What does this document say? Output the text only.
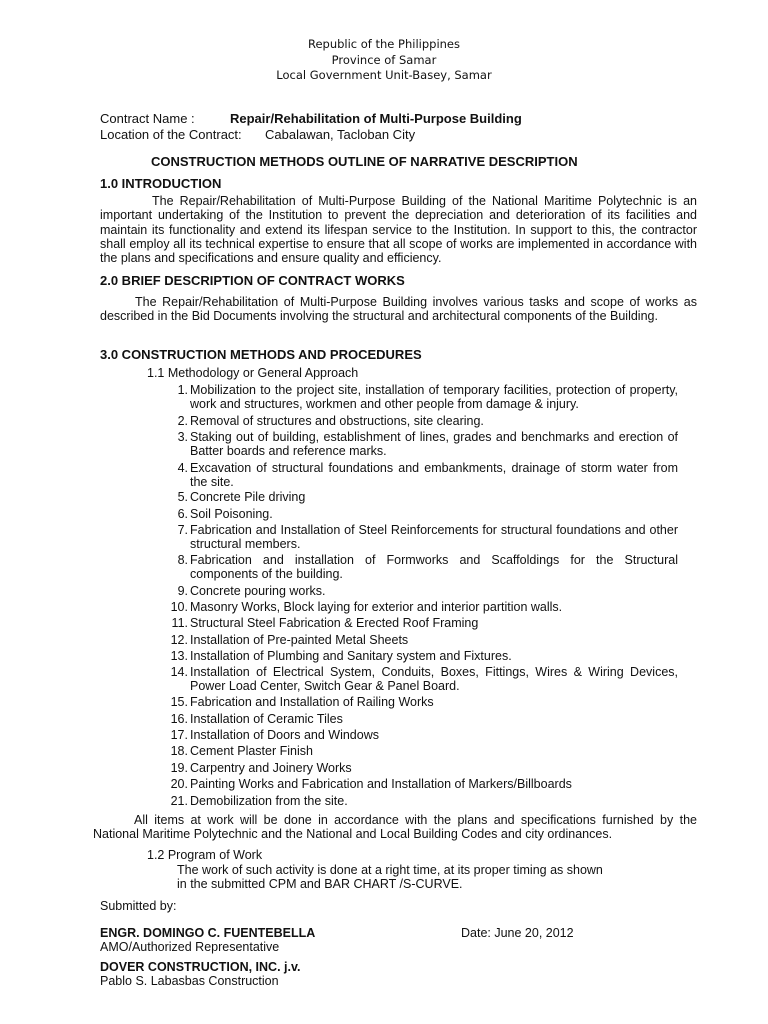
Republic of the Philippines
Province of Samar
Local Government Unit-Basey, Samar
Contract Name :	Repair/Rehabilitation of Multi-Purpose Building
Location of the Contract: Cabalawan, Tacloban City
CONSTRUCTION METHODS OUTLINE OF NARRATIVE DESCRIPTION
1.0 INTRODUCTION
The Repair/Rehabilitation of Multi-Purpose Building of the National Maritime Polytechnic is an important undertaking of the Institution to prevent the depreciation and deterioration of its facilities and maintain its functionality and extend its lifespan service to the Institution. In support to this, the contractor shall employ all its technical expertise to ensure that all scope of works are implemented in accordance with the plans and specifications and ensure quality and efficiency.
2.0 BRIEF DESCRIPTION OF CONTRACT WORKS
The Repair/Rehabilitation of Multi-Purpose Building involves various tasks and scope of works as described in the Bid Documents involving the structural and architectural components of the Building.
3.0 CONSTRUCTION METHODS AND PROCEDURES
1.1 Methodology or General Approach
1. Mobilization to the project site, installation of temporary facilities, protection of property, work and structures, workmen and other people from damage & injury.
2. Removal of structures and obstructions, site clearing.
3. Staking out of building, establishment of lines, grades and benchmarks and erection of Batter boards and reference marks.
4. Excavation of structural foundations and embankments, drainage of storm water from the site.
5. Concrete Pile driving
6. Soil Poisoning.
7. Fabrication and Installation of Steel Reinforcements for structural foundations and other structural members.
8. Fabrication and installation of Formworks and Scaffoldings for the Structural components of the building.
9. Concrete pouring works.
10. Masonry Works, Block laying for exterior and interior partition walls.
11. Structural Steel Fabrication & Erected Roof Framing
12. Installation of Pre-painted Metal Sheets
13. Installation of Plumbing and Sanitary system and Fixtures.
14. Installation of Electrical System, Conduits, Boxes, Fittings, Wires & Wiring Devices, Power Load Center, Switch Gear & Panel Board.
15. Fabrication and Installation of Railing Works
16. Installation of Ceramic Tiles
17. Installation of Doors and Windows
18. Cement Plaster Finish
19. Carpentry and Joinery Works
20. Painting Works and Fabrication and Installation of Markers/Billboards
21. Demobilization from the site.
All items at work will be done in accordance with the plans and specifications furnished by the National Maritime Polytechnic and the National and Local Building Codes and city ordinances.
1.2 Program of Work
The work of such activity is done at a right time, at its proper timing as shown
in the submitted CPM and BAR CHART /S-CURVE.
Submitted by:
ENGR. DOMINGO C. FUENTEBELLA	Date: June 20, 2012
AMO/Authorized Representative
DOVER CONSTRUCTION, INC. j.v.
Pablo S. Labasbas Construction
